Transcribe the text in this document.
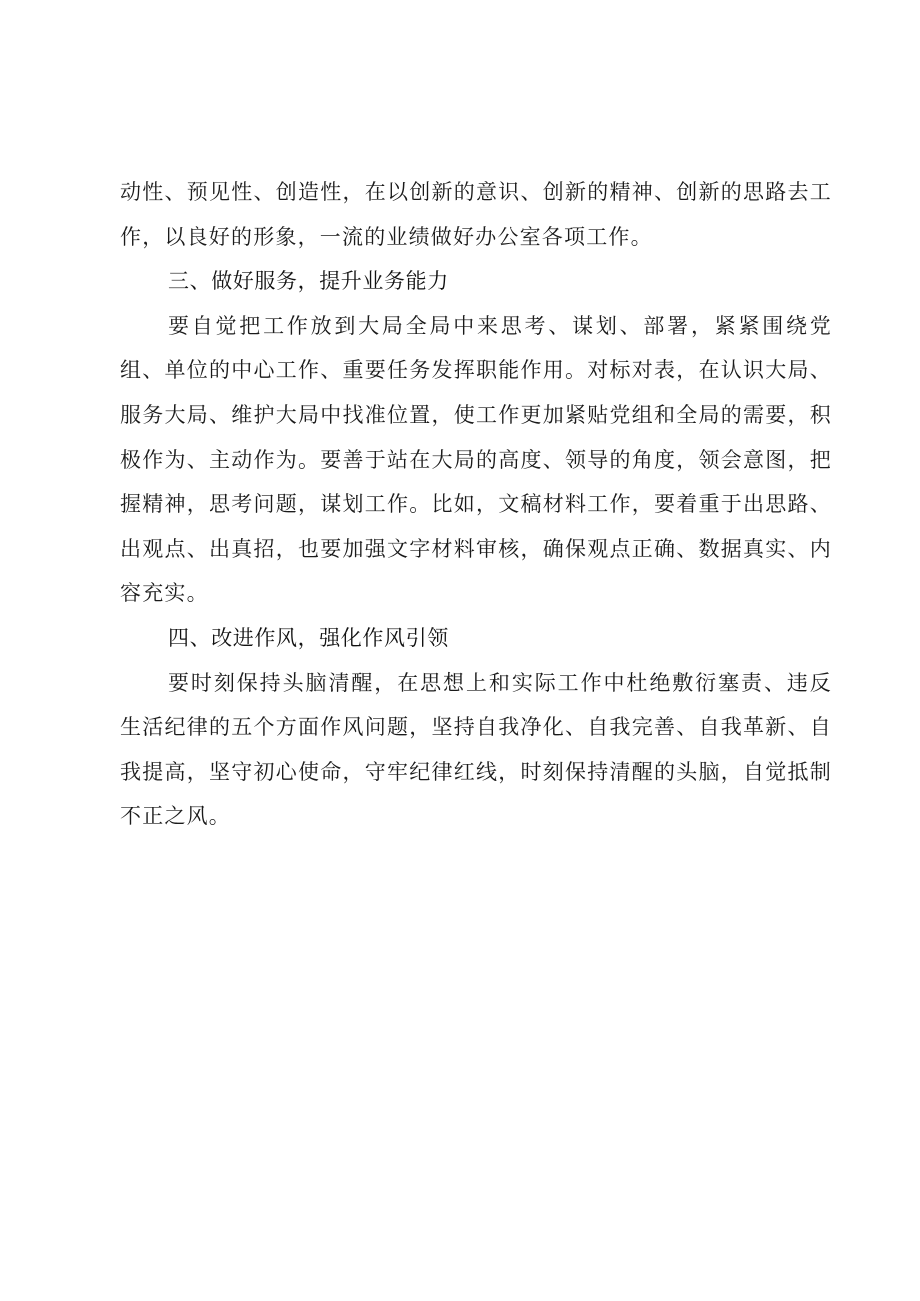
动性、预见性、创造性，在以创新的意识、创新的精神、创新的思路去工作，以良好的形象，一流的业绩做好办公室各项工作。

三、做好服务，提升业务能力

要自觉把工作放到大局全局中来思考、谋划、部署，紧紧围绕党组、单位的中心工作、重要任务发挥职能作用。对标对表，在认识大局、服务大局、维护大局中找准位置，使工作更加紧贴党组和全局的需要，积极作为、主动作为。要善于站在大局的高度、领导的角度，领会意图，把握精神，思考问题，谋划工作。比如，文稿材料工作，要着重于出思路、出观点、出真招，也要加强文字材料审核，确保观点正确、数据真实、内容充实。

四、改进作风，强化作风引领

要时刻保持头脑清醒，在思想上和实际工作中杜绝敷衍塞责、违反生活纪律的五个方面作风问题，坚持自我净化、自我完善、自我革新、自我提高，坚守初心使命，守牢纪律红线，时刻保持清醒的头脑，自觉抵制不正之风。
